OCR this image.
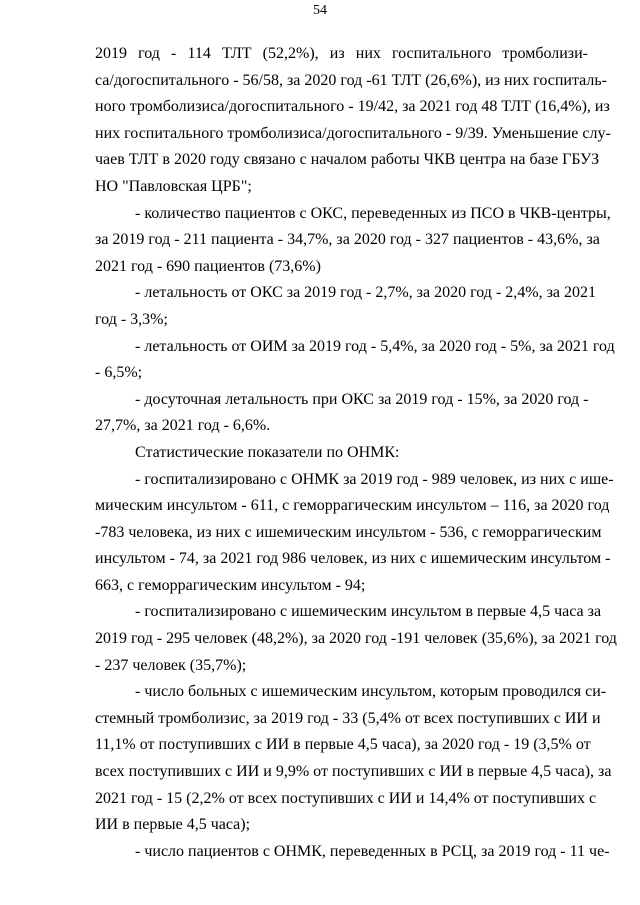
54
2019 год - 114 ТЛТ (52,2%), из них госпитального тромболизи-
са/догоспитального - 56/58, за 2020 год -61 ТЛТ (26,6%), из них госпиталь-
ного тромболизиса/догоспитального - 19/42, за 2021 год 48 ТЛТ (16,4%), из
них госпитального тромболизиса/догоспитального - 9/39. Уменьшение слу-
чаев ТЛТ в 2020 году связано с началом работы ЧКВ центра на базе ГБУЗ
НО "Павловская ЦРБ";
- количество пациентов с ОКС, переведенных из ПСО в ЧКВ-центры,
за 2019 год - 211 пациента - 34,7%, за 2020 год - 327 пациентов - 43,6%, за
2021 год - 690 пациентов (73,6%)
- летальность от ОКС за 2019 год - 2,7%, за 2020 год - 2,4%, за 2021
год - 3,3%;
- летальность от ОИМ за 2019 год - 5,4%, за 2020 год - 5%, за 2021 год
- 6,5%;
- досуточная летальность при ОКС за 2019 год - 15%, за 2020 год -
27,7%, за 2021 год - 6,6%.
Статистические показатели по ОНМК:
- госпитализировано с ОНМК за 2019 год - 989 человек, из них с ише-
мическим инсультом - 611, с геморрагическим инсультом – 116, за 2020 год
-783 человека, из них с ишемическим инсультом - 536, с геморрагическим
инсультом - 74, за 2021 год 986 человек, из них с ишемическим инсультом -
663, с геморрагическим инсультом - 94;
- госпитализировано с ишемическим инсультом в первые 4,5 часа за
2019 год - 295 человек (48,2%), за 2020 год -191 человек (35,6%), за 2021 год
- 237 человек (35,7%);
- число больных с ишемическим инсультом, которым проводился си-
стемный тромболизис, за 2019 год - 33 (5,4% от всех поступивших с ИИ и
11,1% от поступивших с ИИ в первые 4,5 часа), за 2020 год - 19 (3,5% от
всех поступивших с ИИ и 9,9% от поступивших с ИИ в первые 4,5 часа), за
2021 год - 15 (2,2% от всех поступивших с ИИ и 14,4% от поступивших с
ИИ в первые 4,5 часа);
- число пациентов с ОНМК, переведенных в РСЦ, за 2019 год - 11 че-
